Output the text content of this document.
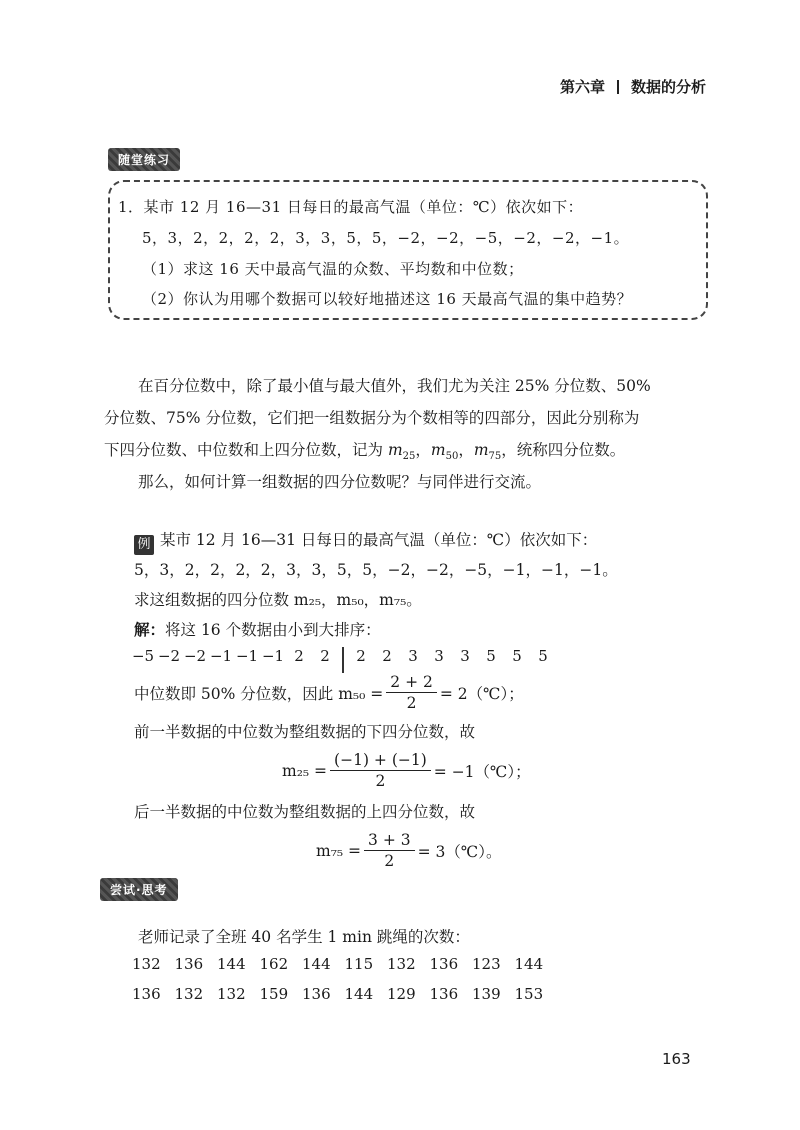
第六章 数据的分析
随堂练习
1．某市 12 月 16—31 日每日的最高气温（单位：℃）依次如下：
5，3，2，2，2，2，3，3，5，5，−2，−2，−5，−2，−2，−1。
（1）求这 16 天中最高气温的众数、平均数和中位数；
（2）你认为用哪个数据可以较好地描述这 16 天最高气温的集中趋势？
在百分位数中，除了最小值与最大值外，我们尤为关注 25% 分位数、50%
分位数、75% 分位数，它们把一组数据分为个数相等的四部分，因此分别称为
下四分位数、中位数和上四分位数，记为 $m_{25}$，$m_{50}$，$m_{75}$，统称四分位数。
那么，如何计算一组数据的四分位数呢？与同伴进行交流。
例 某市 12 月 16—31 日每日的最高气温（单位：℃）依次如下：
5，3，2，2，2，2，3，3，5，5，−2，−2，−5，−1，−1，−1。
求这组数据的四分位数 m₂₅，m₅₀，m₇₅。
解：将这 16 个数据由小到大排序：
−5 −2 −2 −1 −1 −1 2	2	2	2	3	3	3	5	5	5
中位数即 50% 分位数，因此 $m_{50} = \frac{2 + 2}{2}$ = 2（℃）；
前一半数据的中位数为整组数据的下四分位数，故
$m_{25} = \frac{(-1) + (-1)}{2}$ = −1（℃）；
后一半数据的中位数为整组数据的上四分位数，故
$m_{75} = \frac{3 + 3}{2}$ = 3（℃）。
尝试·思考
老师记录了全班 40 名学生 1 min 跳绳的次数：
132 136 144 162 144 115 132 136 123 144
136 132 132 159 136 144 129 136 139 153
163
